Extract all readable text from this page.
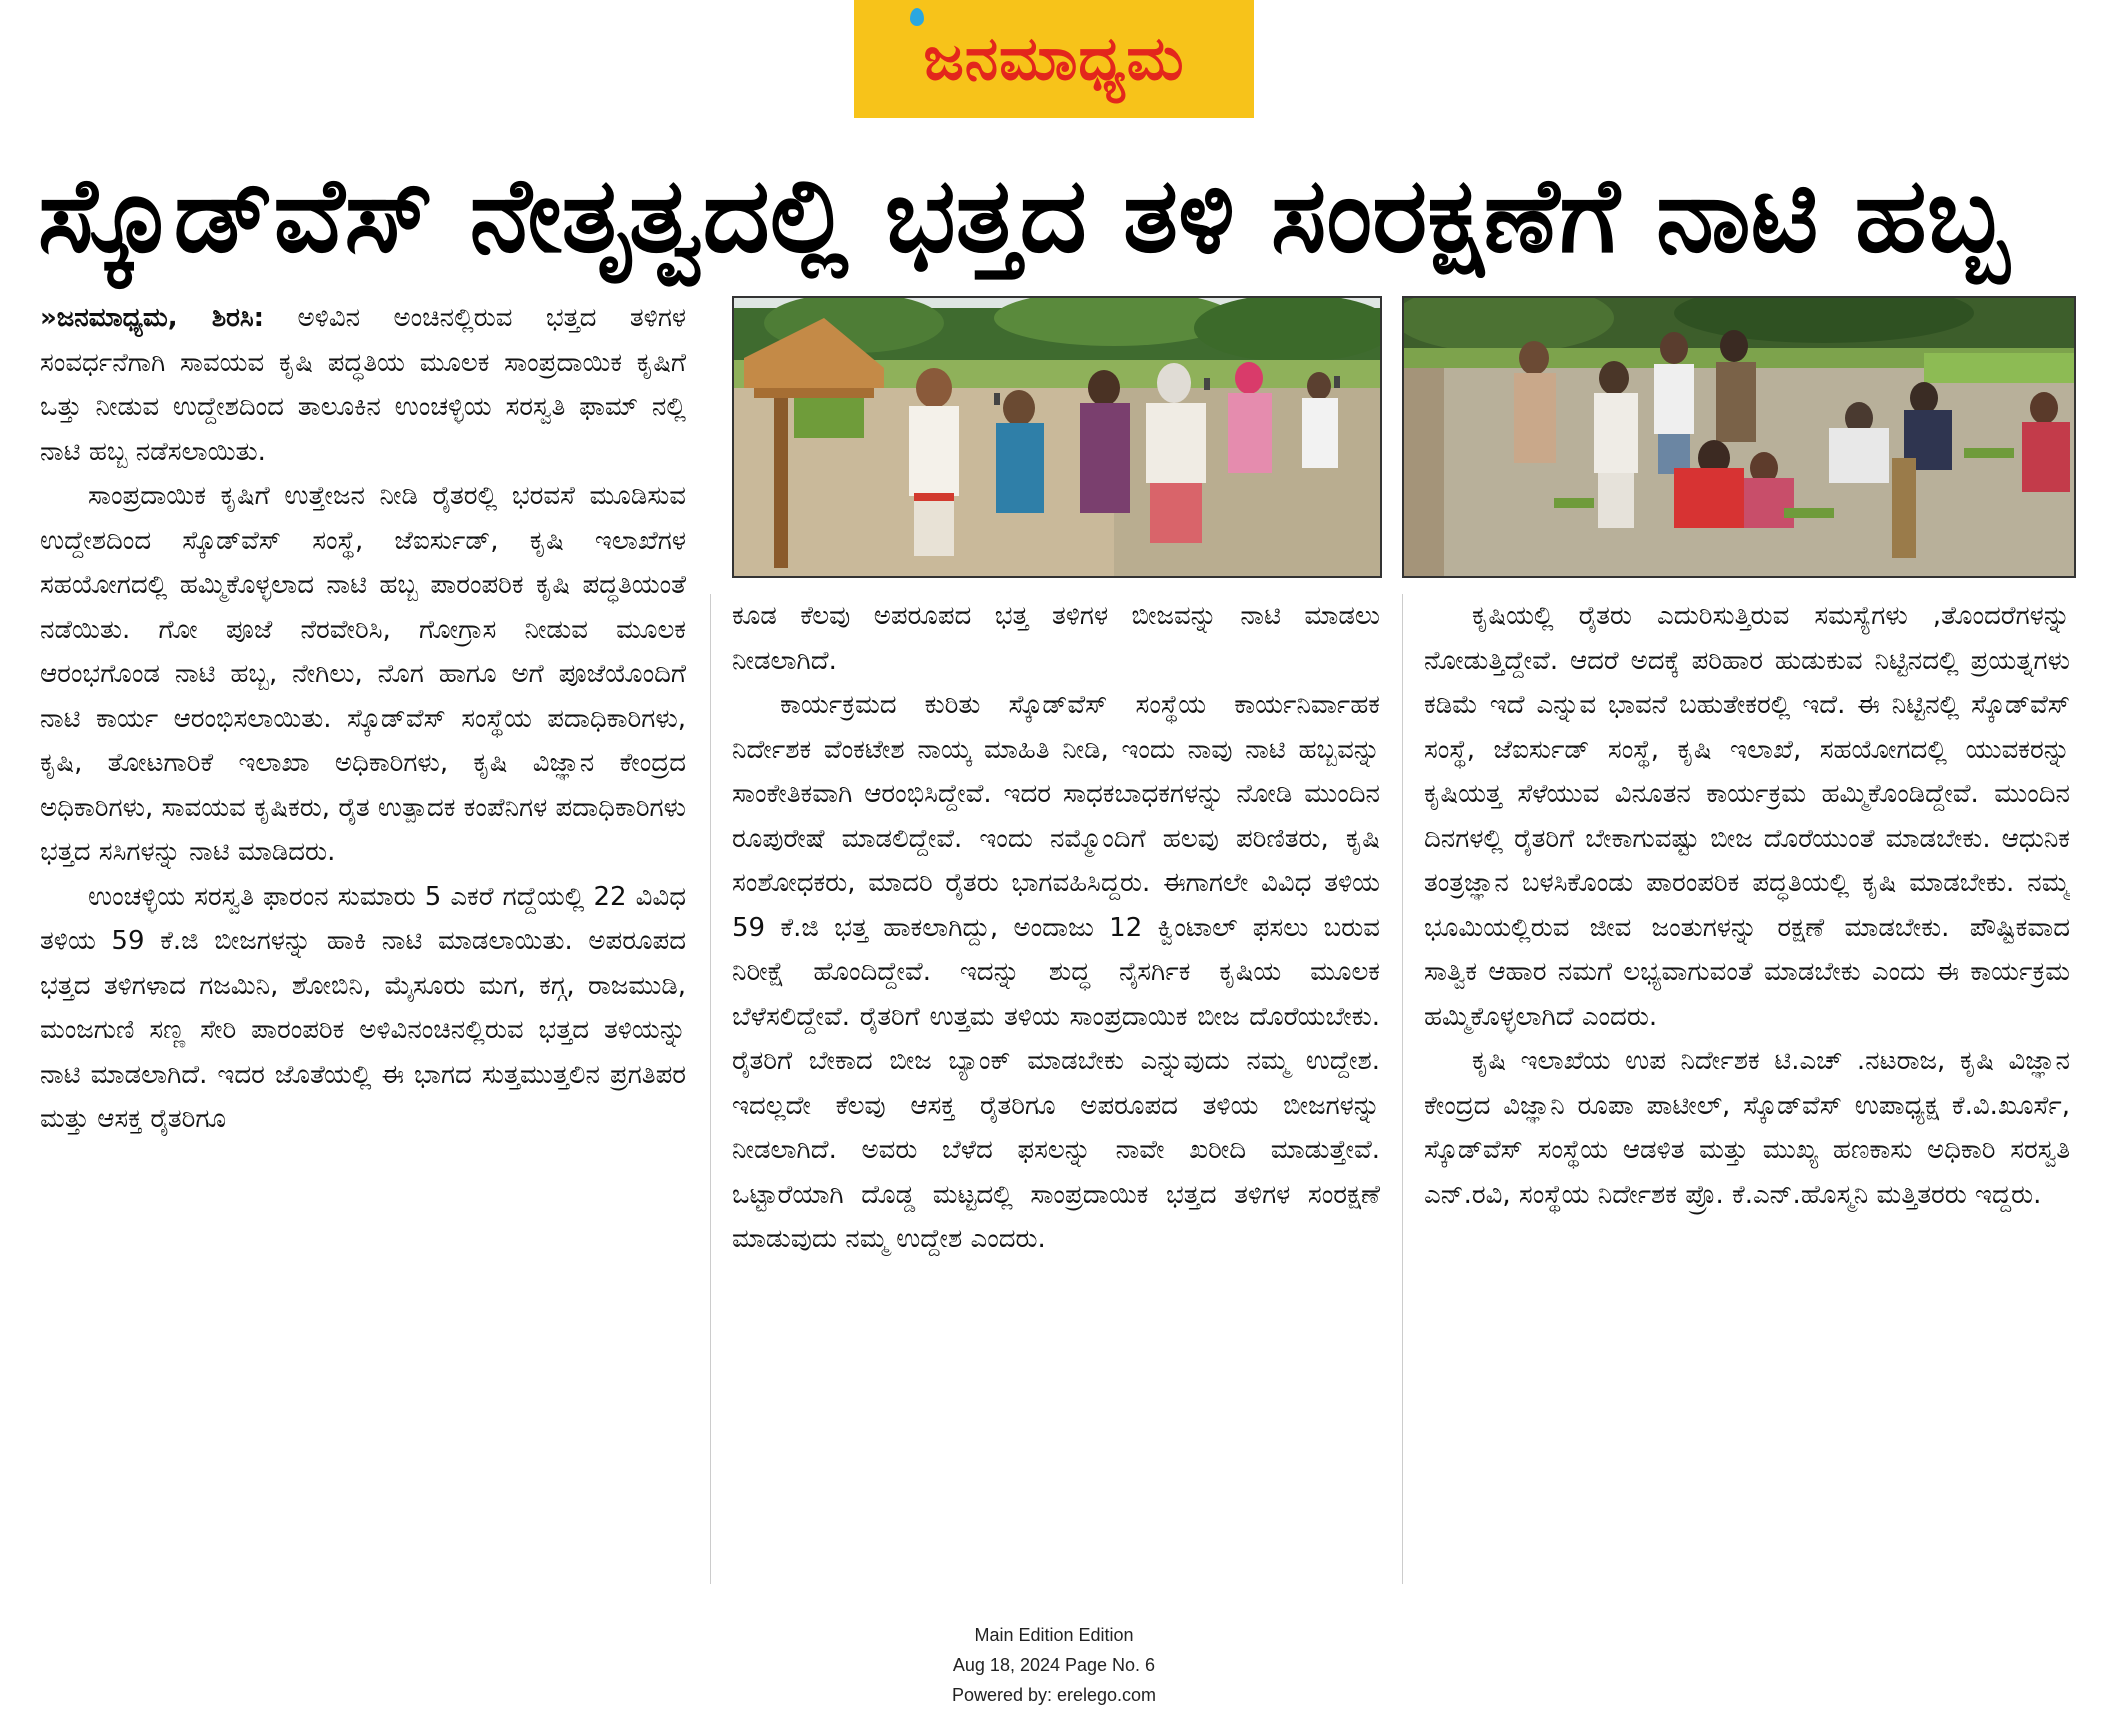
ಜನಮಾಧ್ಯಮ
ಸ್ಕೊಡ್‌ವೆಸ್ ನೇತೃತ್ವದಲ್ಲಿ ಭತ್ತದ ತಳಿ ಸಂರಕ್ಷಣೆಗೆ ನಾಟಿ ಹಬ್ಬ

»ಜನಮಾಧ್ಯಮ, ಶಿರಸಿ: ಅಳಿವಿನ ಅಂಚಿನಲ್ಲಿರುವ ಭತ್ತದ ತಳಿಗಳ ಸಂವರ್ಧನೆಗಾಗಿ ಸಾವಯವ ಕೃಷಿ ಪದ್ಧತಿಯ ಮೂಲಕ ಸಾಂಪ್ರದಾಯಿಕ ಕೃಷಿಗೆ ಒತ್ತು ನೀಡುವ ಉದ್ದೇಶದಿಂದ ತಾಲೂಕಿನ ಉಂಚಳ್ಳಿಯ ಸರಸ್ವತಿ ಫಾಮ್ ನಲ್ಲಿ ನಾಟಿ ಹಬ್ಬ ನಡೆಸಲಾಯಿತು.

ಸಾಂಪ್ರದಾಯಿಕ ಕೃಷಿಗೆ ಉತ್ತೇಜನ ನೀಡಿ ರೈತರಲ್ಲಿ ಭರವಸೆ ಮೂಡಿಸುವ ಉದ್ದೇಶದಿಂದ ಸ್ಕೊಡ್‌ವೆಸ್ ಸಂಸ್ಥೆ, ಜೆಐರ್ಸುಡ್, ಕೃಷಿ ಇಲಾಖೆಗಳ ಸಹಯೋಗದಲ್ಲಿ ಹಮ್ಮಿಕೊಳ್ಳಲಾದ ನಾಟಿ ಹಬ್ಬ ಪಾರಂಪರಿಕ ಕೃಷಿ ಪದ್ಧತಿಯಂತೆ ನಡೆಯಿತು. ಗೋ ಪೂಜೆ ನೆರವೇರಿಸಿ, ಗೋಗ್ರಾಸ ನೀಡುವ ಮೂಲಕ ಆರಂಭಗೊಂಡ ನಾಟಿ ಹಬ್ಬ, ನೇಗಿಲು, ನೊಗ ಹಾಗೂ ಅಗೆ ಪೂಜೆಯೊಂದಿಗೆ ನಾಟಿ ಕಾರ್ಯ ಆರಂಭಿಸಲಾಯಿತು. ಸ್ಕೊಡ್‌ವೆಸ್ ಸಂಸ್ಥೆಯ ಪದಾಧಿಕಾರಿಗಳು, ಕೃಷಿ, ತೋಟಗಾರಿಕೆ ಇಲಾಖಾ ಅಧಿಕಾರಿಗಳು, ಕೃಷಿ ವಿಜ್ಞಾನ ಕೇಂದ್ರದ ಅಧಿಕಾರಿಗಳು, ಸಾವಯವ ಕೃಷಿಕರು, ರೈತ ಉತ್ಪಾದಕ ಕಂಪೆನಿಗಳ ಪದಾಧಿಕಾರಿಗಳು ಭತ್ತದ ಸಸಿಗಳನ್ನು ನಾಟಿ ಮಾಡಿದರು.

ಉಂಚಳ್ಳಿಯ ಸರಸ್ವತಿ ಫಾರಂನ ಸುಮಾರು 5 ಎಕರೆ ಗದ್ದೆಯಲ್ಲಿ 22 ವಿವಿಧ ತಳಿಯ 59 ಕೆ.ಜಿ ಬೀಜಗಳನ್ನು ಹಾಕಿ ನಾಟಿ ಮಾಡಲಾಯಿತು. ಅಪರೂಪದ ಭತ್ತದ ತಳಿಗಳಾದ ಗಜಮಿನಿ, ಶೋಬಿನಿ, ಮೈಸೂರು ಮಗ, ಕಗ್ಗ, ರಾಜಮುಡಿ, ಮಂಜಗುಣಿ ಸಣ್ಣ ಸೇರಿ ಪಾರಂಪರಿಕ ಅಳಿವಿನಂಚಿನಲ್ಲಿರುವ ಭತ್ತದ ತಳಿಯನ್ನು ನಾಟಿ ಮಾಡಲಾಗಿದೆ. ಇದರ ಜೊತೆಯಲ್ಲಿ ಈ ಭಾಗದ ಸುತ್ತಮುತ್ತಲಿನ ಪ್ರಗತಿಪರ ಮತ್ತು ಆಸಕ್ತ ರೈತರಿಗೂ

ಕೂಡ ಕೆಲವು ಅಪರೂಪದ ಭತ್ತ ತಳಿಗಳ ಬೀಜವನ್ನು ನಾಟಿ ಮಾಡಲು ನೀಡಲಾಗಿದೆ.

ಕಾರ್ಯಕ್ರಮದ ಕುರಿತು ಸ್ಕೊಡ್‌ವೆಸ್ ಸಂಸ್ಥೆಯ ಕಾರ್ಯನಿರ್ವಾಹಕ ನಿರ್ದೇಶಕ ವೆಂಕಟೇಶ ನಾಯ್ಕ ಮಾಹಿತಿ ನೀಡಿ, ಇಂದು ನಾವು ನಾಟಿ ಹಬ್ಬವನ್ನು ಸಾಂಕೇತಿಕವಾಗಿ ಆರಂಭಿಸಿದ್ದೇವೆ. ಇದರ ಸಾಧಕಬಾಧಕಗಳನ್ನು ನೋಡಿ ಮುಂದಿನ ರೂಪುರೇಷೆ ಮಾಡಲಿದ್ದೇವೆ. ಇಂದು ನಮ್ಮೊಂದಿಗೆ ಹಲವು ಪರಿಣಿತರು, ಕೃಷಿ ಸಂಶೋಧಕರು, ಮಾದರಿ ರೈತರು ಭಾಗವಹಿಸಿದ್ದರು. ಈಗಾಗಲೇ ವಿವಿಧ ತಳಿಯ 59 ಕೆ.ಜಿ ಭತ್ತ ಹಾಕಲಾಗಿದ್ದು, ಅಂದಾಜು 12 ಕ್ವಿಂಟಾಲ್ ಫಸಲು ಬರುವ ನಿರೀಕ್ಷೆ ಹೊಂದಿದ್ದೇವೆ. ಇದನ್ನು ಶುದ್ಧ ನೈಸರ್ಗಿಕ ಕೃಷಿಯ ಮೂಲಕ ಬೆಳೆಸಲಿದ್ದೇವೆ. ರೈತರಿಗೆ ಉತ್ತಮ ತಳಿಯ ಸಾಂಪ್ರದಾಯಿಕ ಬೀಜ ದೊರೆಯಬೇಕು. ರೈತರಿಗೆ ಬೇಕಾದ ಬೀಜ ಬ್ಯಾಂಕ್ ಮಾಡಬೇಕು ಎನ್ನುವುದು ನಮ್ಮ ಉದ್ದೇಶ. ಇದಲ್ಲದೇ ಕೆಲವು ಆಸಕ್ತ ರೈತರಿಗೂ ಅಪರೂಪದ ತಳಿಯ ಬೀಜಗಳನ್ನು ನೀಡಲಾಗಿದೆ. ಅವರು ಬೆಳೆದ ಫಸಲನ್ನು ನಾವೇ ಖರೀದಿ ಮಾಡುತ್ತೇವೆ. ಒಟ್ಟಾರೆಯಾಗಿ ದೊಡ್ಡ ಮಟ್ಟದಲ್ಲಿ ಸಾಂಪ್ರದಾಯಿಕ ಭತ್ತದ ತಳಿಗಳ ಸಂರಕ್ಷಣೆ ಮಾಡುವುದು ನಮ್ಮ ಉದ್ದೇಶ ಎಂದರು.

ಕೃಷಿಯಲ್ಲಿ ರೈತರು ಎದುರಿಸುತ್ತಿರುವ ಸಮಸ್ಯೆಗಳು ,ತೊಂದರೆಗಳನ್ನು ನೋಡುತ್ತಿದ್ದೇವೆ. ಆದರೆ ಅದಕ್ಕೆ ಪರಿಹಾರ ಹುಡುಕುವ ನಿಟ್ಟಿನದಲ್ಲಿ ಪ್ರಯತ್ನಗಳು ಕಡಿಮೆ ಇದೆ ಎನ್ನುವ ಭಾವನೆ ಬಹುತೇಕರಲ್ಲಿ ಇದೆ. ಈ ನಿಟ್ಟಿನಲ್ಲಿ ಸ್ಕೊಡ್‌ವೆಸ್ ಸಂಸ್ಥೆ, ಜೆಐರ್ಸುಡ್ ಸಂಸ್ಥೆ, ಕೃಷಿ ಇಲಾಖೆ, ಸಹಯೋಗದಲ್ಲಿ ಯುವಕರನ್ನು ಕೃಷಿಯತ್ತ ಸೆಳೆಯುವ ವಿನೂತನ ಕಾರ್ಯಕ್ರಮ ಹಮ್ಮಿಕೊಂಡಿದ್ದೇವೆ. ಮುಂದಿನ ದಿನಗಳಲ್ಲಿ ರೈತರಿಗೆ ಬೇಕಾಗುವಷ್ಟು ಬೀಜ ದೊರೆಯುಂತೆ ಮಾಡಬೇಕು. ಆಧುನಿಕ ತಂತ್ರಜ್ಞಾನ ಬಳಸಿಕೊಂಡು ಪಾರಂಪರಿಕ ಪದ್ಧತಿಯಲ್ಲಿ ಕೃಷಿ ಮಾಡಬೇಕು. ನಮ್ಮ ಭೂಮಿಯಲ್ಲಿರುವ ಜೀವ ಜಂತುಗಳನ್ನು ರಕ್ಷಣೆ ಮಾಡಬೇಕು. ಪೌಷ್ಟಿಕವಾದ ಸಾತ್ವಿಕ ಆಹಾರ ನಮಗೆ ಲಭ್ಯವಾಗುವಂತೆ ಮಾಡಬೇಕು ಎಂದು ಈ ಕಾರ್ಯಕ್ರಮ ಹಮ್ಮಿಕೊಳ್ಳಲಾಗಿದೆ ಎಂದರು.

ಕೃಷಿ ಇಲಾಖೆಯ ಉಪ ನಿರ್ದೇಶಕ ಟಿ.ಎಚ್ .ನಟರಾಜ, ಕೃಷಿ ವಿಜ್ಞಾನ ಕೇಂದ್ರದ ವಿಜ್ಞಾನಿ ರೂಪಾ ಪಾಟೀಲ್, ಸ್ಕೊಡ್‌ವೆಸ್ ಉಪಾಧ್ಯಕ್ಷ ಕೆ.ವಿ.ಖೂರ್ಸೆ, ಸ್ಕೊಡ್‌ವೆಸ್ ಸಂಸ್ಥೆಯ ಆಡಳಿತ ಮತ್ತು ಮುಖ್ಯ ಹಣಕಾಸು ಅಧಿಕಾರಿ ಸರಸ್ವತಿ ಎನ್.ರವಿ, ಸಂಸ್ಥೆಯ ನಿರ್ದೇಶಕ ಪ್ರೊ. ಕೆ.ಎನ್.ಹೊಸ್ಮನಿ ಮತ್ತಿತರರು ಇದ್ದರು.

Main Edition Edition
Aug 18, 2024 Page No. 6
Powered by: erelego.com
